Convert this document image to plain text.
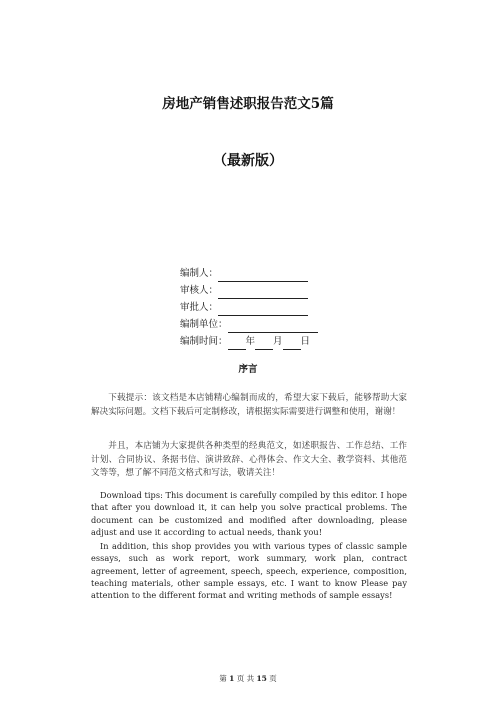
房地产销售述职报告范文5篇
（最新版）
编制人：
审核人：
审批人：
编制单位：
编制时间： 年 月 日
序言

下载提示：该文档是本店铺精心编制而成的，希望大家下载后，能够帮助大家解决实际问题。文档下载后可定制修改，请根据实际需要进行调整和使用，谢谢！

并且，本店铺为大家提供各种类型的经典范文，如述职报告、工作总结、工作计划、合同协议、条据书信、演讲致辞、心得体会、作文大全、教学资料、其他范文等等，想了解不同范文格式和写法，敬请关注！

Download tips: This document is carefully compiled by this editor. I hope that after you download it, it can help you solve practical problems. The document can be customized and modified after downloading, please adjust and use it according to actual needs, thank you!

In addition, this shop provides you with various types of classic sample essays, such as work report, work summary, work plan, contract agreement, letter of agreement, speech, speech, experience, composition, teaching materials, other sample essays, etc. I want to know Please pay attention to the different format and writing methods of sample essays!

第 1 页 共 15 页
